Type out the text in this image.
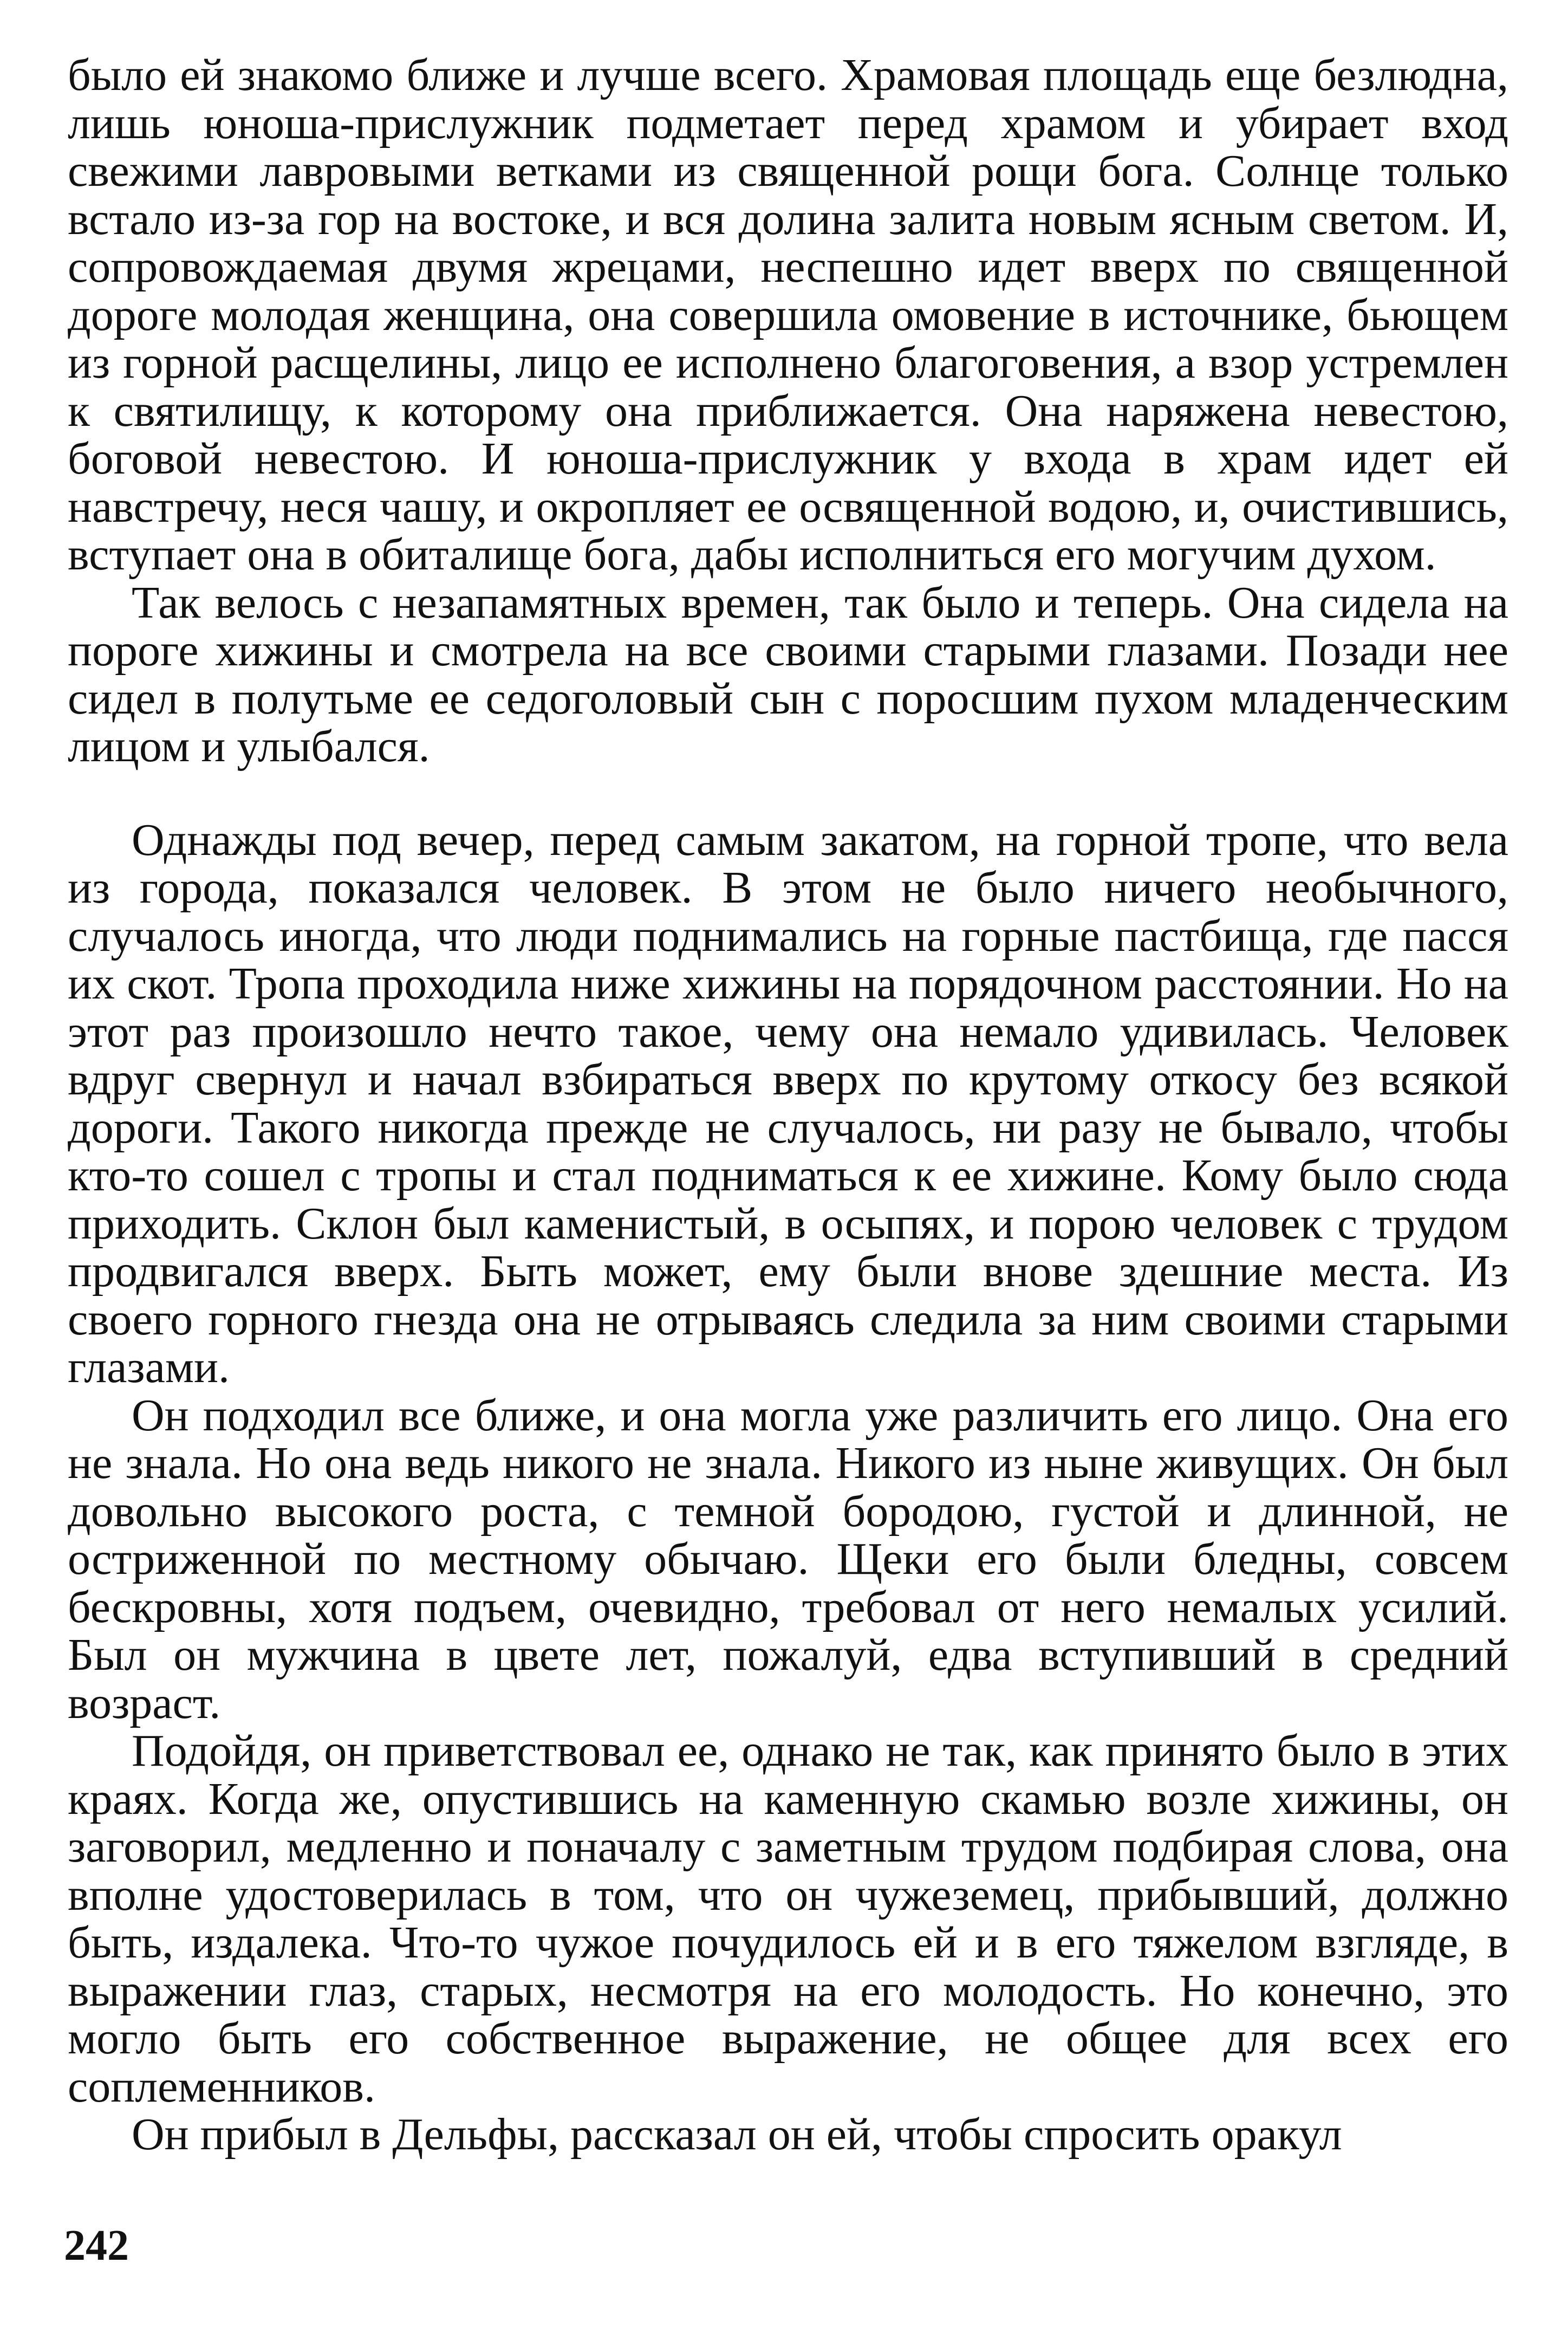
было ей знакомо ближе и лучше всего. Храмовая площадь еще безлюдна, лишь юноша-прислужник подметает перед храмом и убирает вход свежими лавровыми ветками из священной рощи бога. Солнце только встало из-за гор на востоке, и вся долина залита новым ясным светом. И, сопровождаемая двумя жрецами, неспешно идет вверх по священной дороге молодая женщина, она совершила омовение в источнике, бьющем из горной расщелины, лицо ее исполнено благоговения, а взор устремлен к святилищу, к которому она приближается. Она наряжена невестою, боговой невестою. И юноша-прислужник у входа в храм идет ей навстречу, неся чашу, и окропляет ее освященной водою, и, очистившись, вступает она в обиталище бога, дабы исполниться его могучим духом.

Так велось с незапамятных времен, так было и теперь. Она сидела на пороге хижины и смотрела на все своими старыми глазами. Позади нее сидел в полутьме ее седоголовый сын с поросшим пухом младенческим лицом и улыбался.

Однажды под вечер, перед самым закатом, на горной тропе, что вела из города, показался человек. В этом не было ничего необычного, случалось иногда, что люди поднимались на горные пастбища, где пасся их скот. Тропа проходила ниже хижины на порядочном расстоянии. Но на этот раз произошло нечто такое, чему она немало удивилась. Человек вдруг свернул и начал взбираться вверх по крутому откосу без всякой дороги. Такого никогда прежде не случалось, ни разу не бывало, чтобы кто-то сошел с тропы и стал подниматься к ее хижине. Кому было сюда приходить. Склон был каменистый, в осыпях, и порою человек с трудом продвигался вверх. Быть может, ему были внове здешние места. Из своего горного гнезда она не отрываясь следила за ним своими старыми глазами.

Он подходил все ближе, и она могла уже различить его лицо. Она его не знала. Но она ведь никого не знала. Никого из ныне живущих. Он был довольно высокого роста, с темной бородою, густой и длинной, не остриженной по местному обычаю. Щеки его были бледны, совсем бескровны, хотя подъем, очевидно, требовал от него немалых усилий. Был он мужчина в цвете лет, пожалуй, едва вступивший в средний возраст.

Подойдя, он приветствовал ее, однако не так, как принято было в этих краях. Когда же, опустившись на каменную скамью возле хижины, он заговорил, медленно и поначалу с заметным трудом подбирая слова, она вполне удостоверилась в том, что он чужеземец, прибывший, должно быть, издалека. Что-то чужое почудилось ей и в его тяжелом взгляде, в выражении глаз, старых, несмотря на его молодость. Но конечно, это могло быть его собственное выражение, не общее для всех его соплеменников.

Он прибыл в Дельфы, рассказал он ей, чтобы спросить оракул

242
